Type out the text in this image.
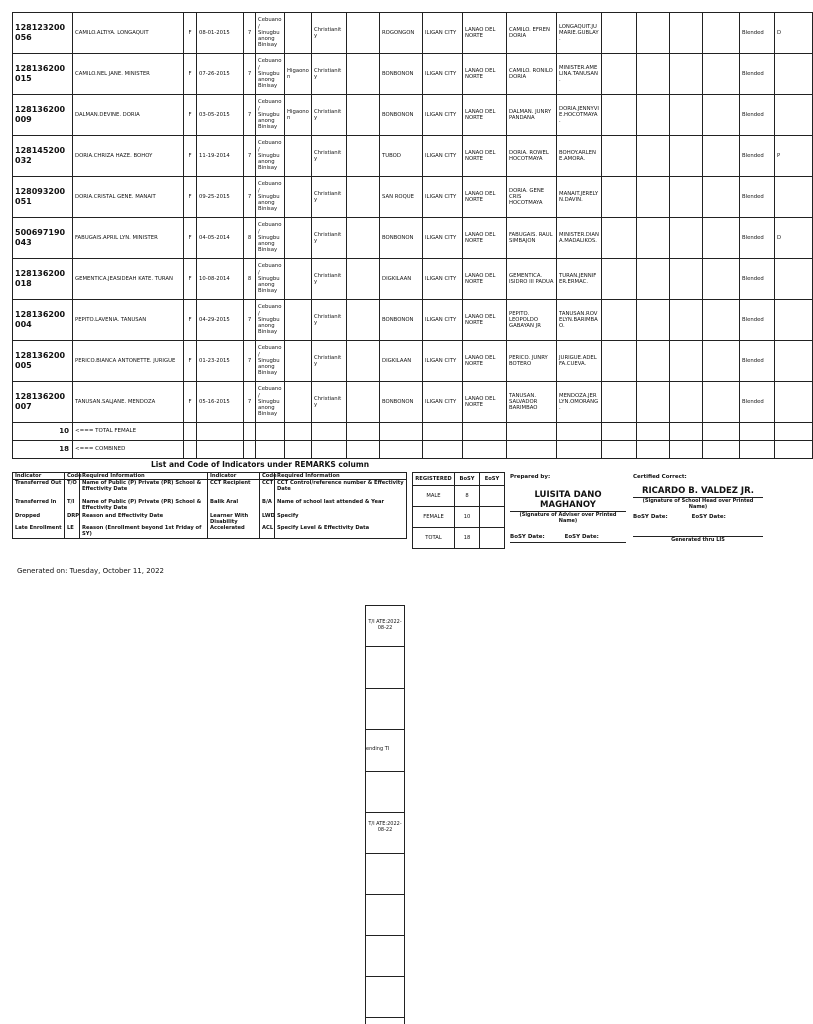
128123200056	CAMILO.ALTIYA. LONGAQUIT	F	08-01-2015	7	Cebuano / Sinugbuanong Binisay		Christianity		ROGONGON	ILIGAN CITY	LANAO DEL NORTE	CAMILO. EFREN DORIA	LONGAQUIT.JUMARIE.GUBLAY.					Blended	D
128136200015	CAMILO.NEL JANE. MINISTER	F	07-26-2015	7	Cebuano / Sinugbuanong Binisay	Higaonon	Christianity		BONBONON	ILIGAN CITY	LANAO DEL NORTE	CAMILO. RONILO DORIA	MINISTER.AMELINA.TANUSAN.					Blended	
128136200009	DALMAN.DEVINE. DORIA	F	03-05-2015	7	Cebuano / Sinugbuanong Binisay	Higaonon	Christianity		BONBONON	ILIGAN CITY	LANAO DEL NORTE	DALMAN. JUNRY PANDANA	DORIA.JENNYVIE.HOCOTMAYA.					Blended	
128145200032	DORIA.CHRIZA HAZE. BOHOY	F	11-19-2014	7	Cebuano / Sinugbuanong Binisay		Christianity		TUBOD	ILIGAN CITY	LANAO DEL NORTE	DORIA. ROWEL HOCOTMAYA	BOHOY.ARLENE.AMORA.					Blended	P
128093200051	DORIA.CRISTAL GENE. MANAIT	F	09-25-2015	7	Cebuano / Sinugbuanong Binisay		Christianity		SAN ROQUE	ILIGAN CITY	LANAO DEL NORTE	DORIA. GENE CRIS HOCOTMAYA	MANAIT.JERELYN.DAVIN.					Blended	
500697190043	FABUGAIS.APRIL LYN. MINISTER	F	04-05-2014	8	Cebuano / Sinugbuanong Binisay		Christianity		BONBONON	ILIGAN CITY	LANAO DEL NORTE	FABUGAIS. RAUL SIMBAJON	MINISTER.DIANA.MADALIKOS.					Blended	D
128136200018	GEMENTICA.JEASIDEAH KATE. TURAN	F	10-08-2014	8	Cebuano / Sinugbuanong Binisay		Christianity		DIGKILAAN	ILIGAN CITY	LANAO DEL NORTE	GEMENTICA. ISIDRO III PADUA	TURAN.JENNIFER.ERMAC.					Blended	
128136200004	PEPITO.LAVENIA. TANUSAN	F	04-29-2015	7	Cebuano / Sinugbuanong Binisay		Christianity		BONBONON	ILIGAN CITY	LANAO DEL NORTE	PEPITO. LEOPOLDO GABAYAN JR	TANUSAN.ROVELYN.BARIMBAO.					Blended	
128136200005	PERICO.BIANCA ANTONETTE. JURIGUE	F	01-23-2015	7	Cebuano / Sinugbuanong Binisay		Christianity		DIGKILAAN	ILIGAN CITY	LANAO DEL NORTE	PERICO. JUNRY BOTERO	JURIGUE.ADELFA.CUEVA.					Blended	
128136200007	TANUSAN.SALJANE. MENDOZA	F	05-16-2015	7	Cebuano / Sinugbuanong Binisay		Christianity		BONBONON	ILIGAN CITY	LANAO DEL NORTE	TANUSAN. SALVADOR BARIMBAO	MENDOZA.JERLYN.OMORANG.					Blended	
10	<=== TOTAL FEMALE																		
18	<=== COMBINED																		
List and Code of Indicators under REMARKS column
Indicator	Code	Required Information	Indicator	Code	Required Information
Transferred Out	T/O	Name of Public (P) Private (PR) School & Effectivity Date	CCT Recipient	CCT	CCT Control/reference number & Effectivity Date
Transferred In	T/I	Name of Public (P) Private (PR) School & Effectivity Date	Balik Aral	B/A	Name of school last attended & Year
Dropped	DRP	Reason and Effectivity Date	Learner With Disability	LWD	Specify
Late Enrollment	LE	Reason (Enrollment beyond 1st Friday of SY)	Accelerated	ACL	Specify Level & Effectivity Data
REGISTERED	BoSY	EoSY
MALE	8	
FEMALE	10	
TOTAL	18	
Prepared by:
LUISITA DANO MAGHANOY
(Signature of Adviser over Printed Name)
BoSY Date:	EoSY Date:
Certified Correct:
RICARDO B. VALDEZ JR.
(Signature of School Head over Printed Name)
BoSY Date:	EoSY Date:
Generated thru LIS
Generated on: Tuesday, October 11, 2022
T/I ATE:2022-08-22
ending TI
T/I ATE:2022-08-22
